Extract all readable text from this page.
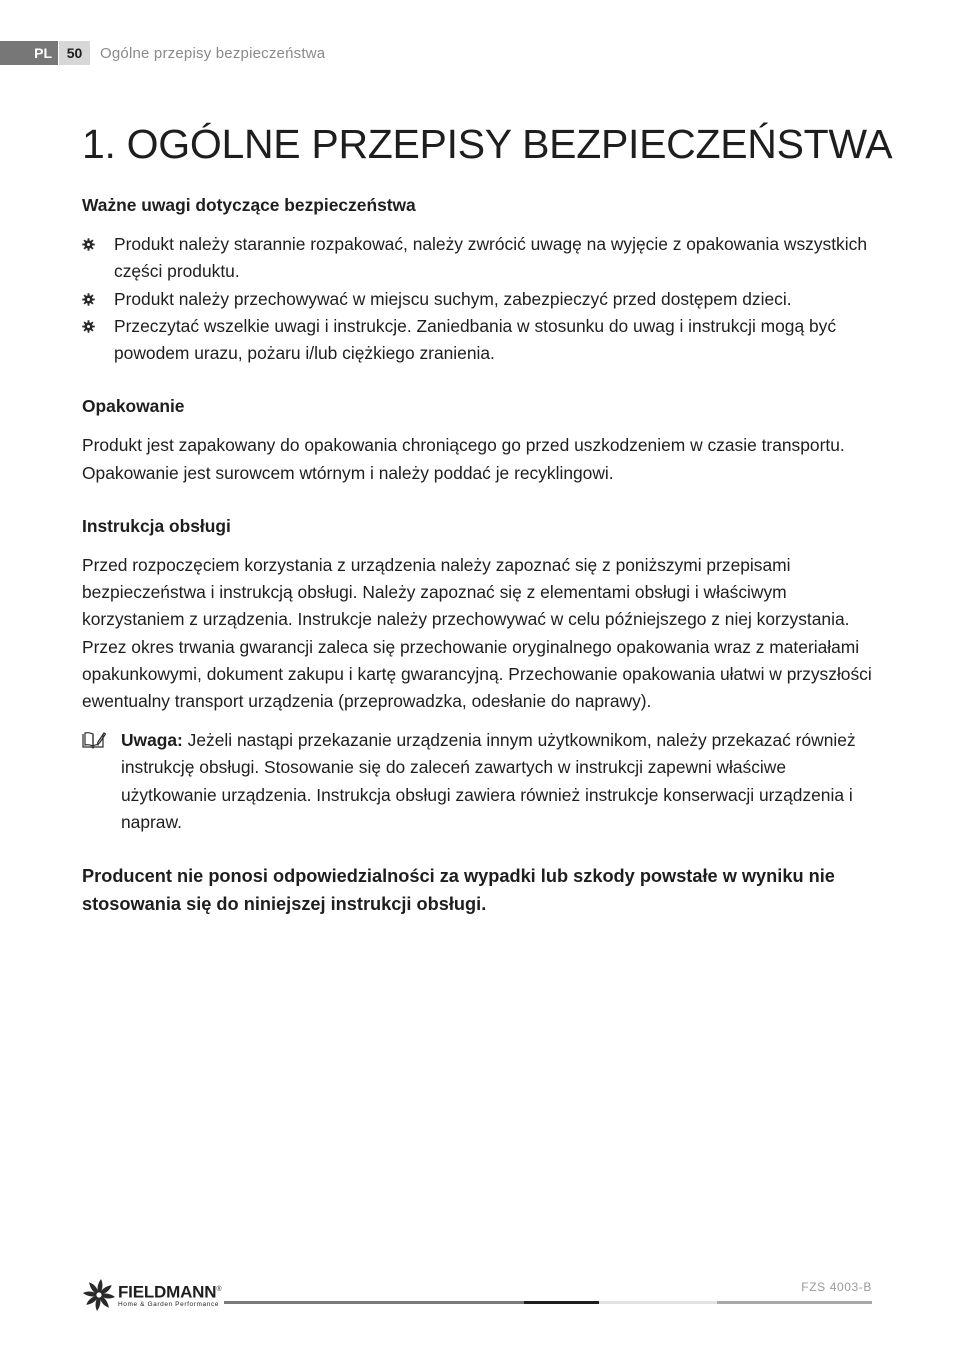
PL	50	Ogólne przepisy bezpieczeństwa
1. OGÓLNE PRZEPISY BEZPIECZEŃSTWA
Ważne uwagi dotyczące bezpieczeństwa
Produkt należy starannie rozpakować, należy zwrócić uwagę na wyjęcie z opakowania wszystkich części produktu.
Produkt należy przechowywać w miejscu suchym, zabezpieczyć przed dostępem dzieci.
Przeczytać wszelkie uwagi i instrukcje. Zaniedbania w stosunku do uwag i instrukcji mogą być powodem urazu, pożaru i/lub ciężkiego zranienia.
Opakowanie

Produkt jest zapakowany do opakowania chroniącego go przed uszkodzeniem w czasie transportu. Opakowanie jest surowcem wtórnym i należy poddać je recyklingowi.

Instrukcja obsługi

Przed rozpoczęciem korzystania z urządzenia należy zapoznać się z poniższymi przepisami bezpieczeństwa i instrukcją obsługi. Należy zapoznać się z elementami obsługi i właściwym korzystaniem z urządzenia. Instrukcje należy przechowywać w celu późniejszego z niej korzystania. Przez okres trwania gwarancji zaleca się przechowanie oryginalnego opakowania wraz z materiałami opakunkowymi, dokument zakupu i kartę gwarancyjną. Przechowanie opakowania ułatwi w przyszłości ewentualny transport urządzenia (przeprowadzka, odesłanie do naprawy).

Uwaga: Jeżeli nastąpi przekazanie urządzenia innym użytkownikom, należy przekazać również instrukcję obsługi. Stosowanie się do zaleceń zawartych w instrukcji zapewni właściwe użytkowanie urządzenia. Instrukcja obsługi zawiera również instrukcje konserwacji urządzenia i napraw.

Producent nie ponosi odpowiedzialności za wypadki lub szkody powstałe w wyniku nie stosowania się do niniejszej instrukcji obsługi.

FIELDMANN®
Home & Garden Performance
FZS 4003-B
